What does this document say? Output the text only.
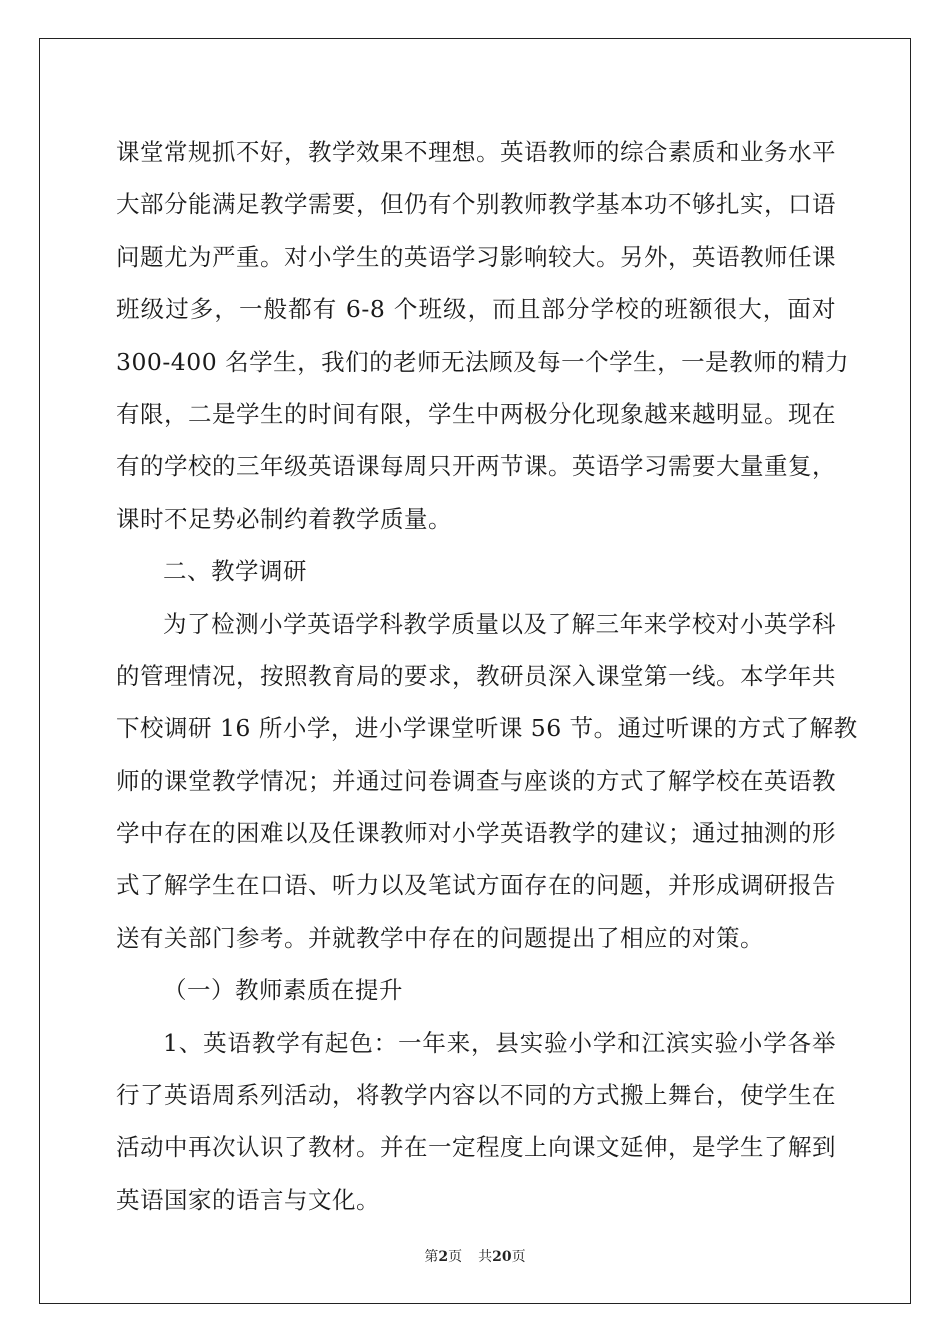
课堂常规抓不好，教学效果不理想。英语教师的综合素质和业务水平
大部分能满足教学需要，但仍有个别教师教学基本功不够扎实，口语
问题尤为严重。对小学生的英语学习影响较大。另外，英语教师任课
班级过多，一般都有 6-8 个班级，而且部分学校的班额很大，面对
300-400 名学生，我们的老师无法顾及每一个学生，一是教师的精力
有限，二是学生的时间有限，学生中两极分化现象越来越明显。现在
有的学校的三年级英语课每周只开两节课。英语学习需要大量重复，
课时不足势必制约着教学质量。
二、教学调研
为了检测小学英语学科教学质量以及了解三年来学校对小英学科
的管理情况，按照教育局的要求，教研员深入课堂第一线。本学年共
下校调研 16 所小学，进小学课堂听课 56 节。通过听课的方式了解教
师的课堂教学情况；并通过问卷调查与座谈的方式了解学校在英语教
学中存在的困难以及任课教师对小学英语教学的建议；通过抽测的形
式了解学生在口语、听力以及笔试方面存在的问题，并形成调研报告
送有关部门参考。并就教学中存在的问题提出了相应的对策。
（一）教师素质在提升
1、英语教学有起色：一年来，县实验小学和江滨实验小学各举
行了英语周系列活动，将教学内容以不同的方式搬上舞台，使学生在
活动中再次认识了教材。并在一定程度上向课文延伸，是学生了解到
英语国家的语言与文化。
第2页 共20页
